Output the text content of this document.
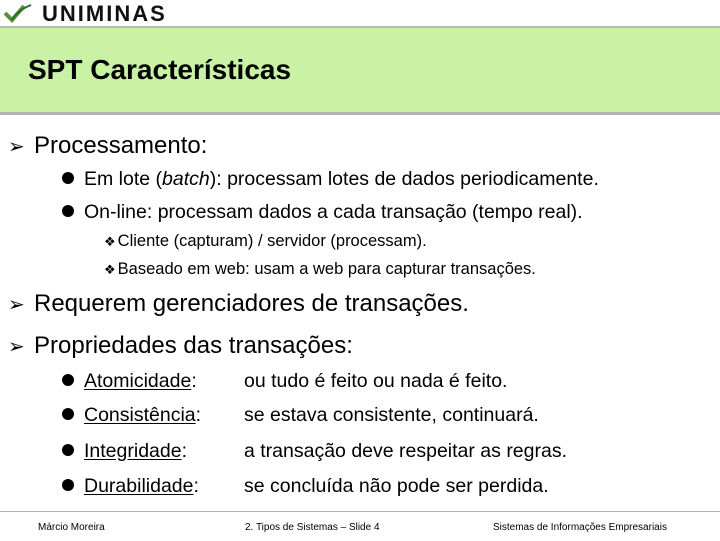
UNIMINAS
SPT Características
➢ Processamento:
Em lote (batch): processam lotes de dados periodicamente.
On-line: processam dados a cada transação (tempo real).
❖ Cliente (capturam) / servidor (processam).
❖ Baseado em web: usam a web para capturar transações.
➢ Requerem gerenciadores de transações.
➢ Propriedades das transações:
Atomicidade: ou tudo é feito ou nada é feito.
Consistência: se estava consistente, continuará.
Integridade:	a transação deve respeitar as regras.
Durabilidade: se concluída não pode ser perdida.
Márcio Moreira	2. Tipos de Sistemas – Slide 4	Sistemas de Informações Empresariais
